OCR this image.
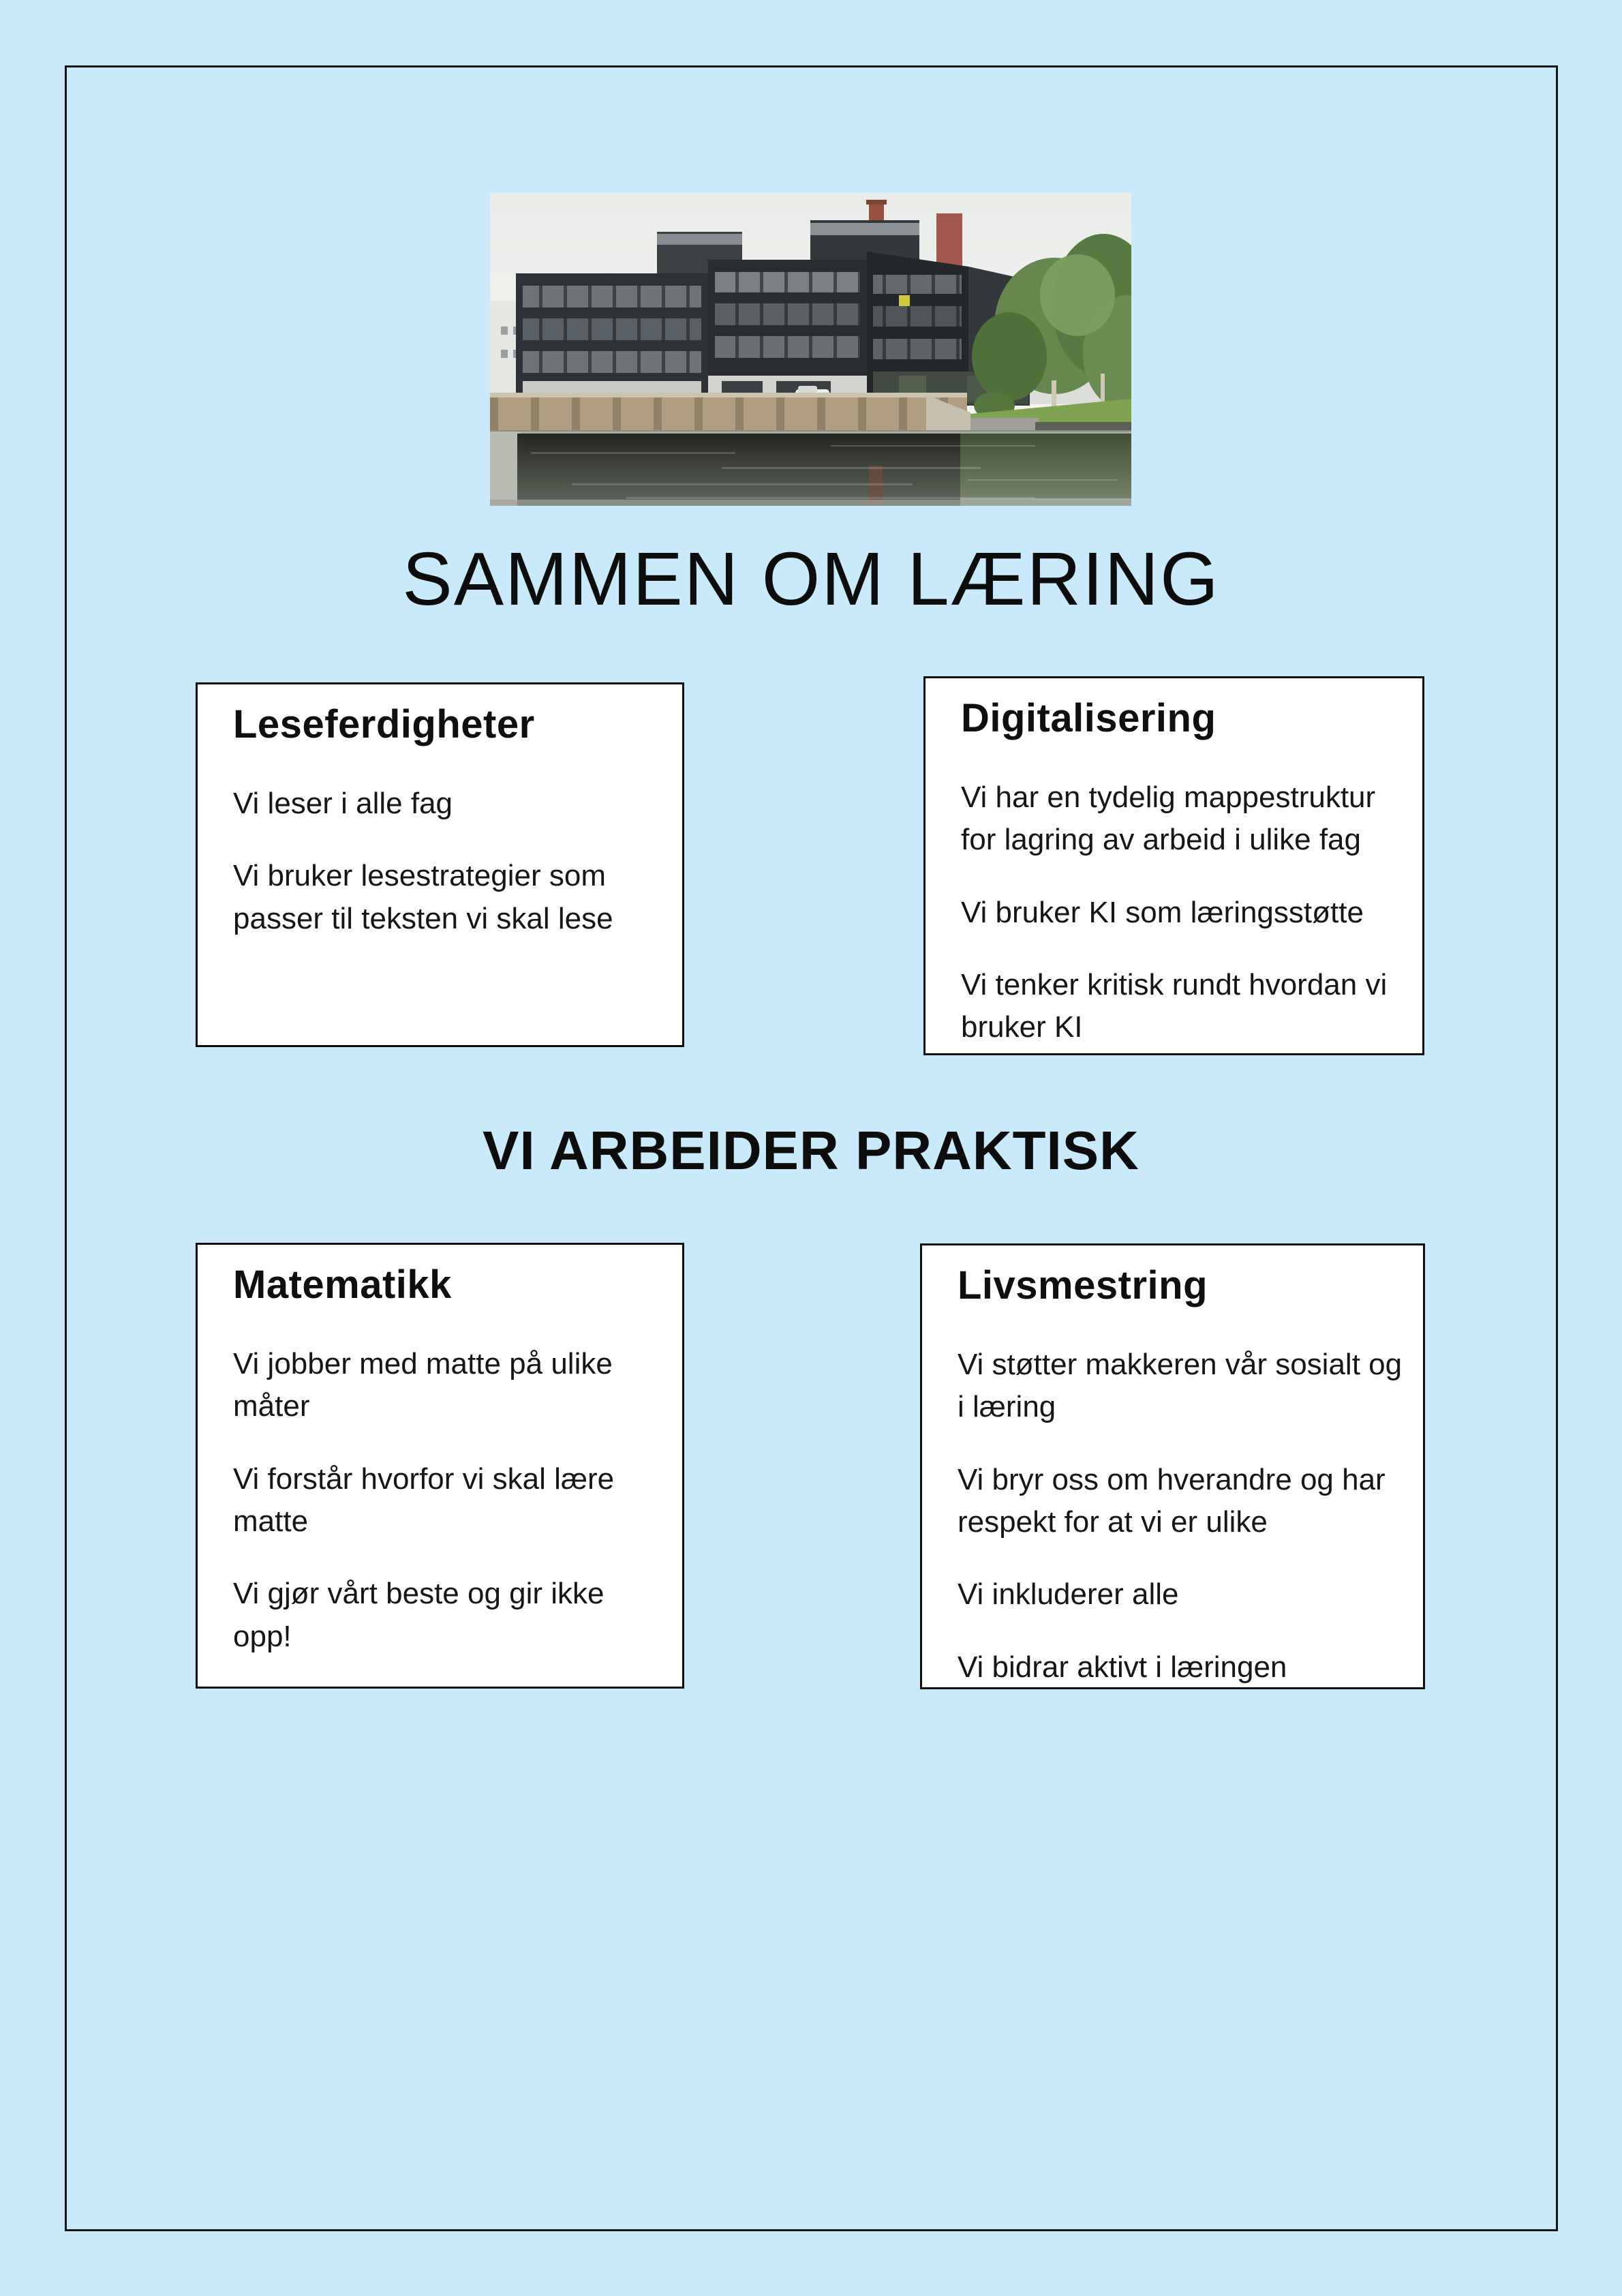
SAMMEN OM LÆRING
Leseferdigheter

Vi leser i alle fag

Vi bruker lesestrategier som passer til teksten vi skal lese

Digitalisering

Vi har en tydelig mappestruktur for lagring av arbeid i ulike fag

Vi bruker KI som læringsstøtte

Vi tenker kritisk rundt hvordan vi bruker KI

VI ARBEIDER PRAKTISK
Matematikk

Vi jobber med matte på ulike måter

Vi forstår hvorfor vi skal lære matte

Vi gjør vårt beste og gir ikke opp!

Livsmestring

Vi støtter makkeren vår sosialt og i læring

Vi bryr oss om hverandre og har respekt for at vi er ulike

Vi inkluderer alle

Vi bidrar aktivt i læringen
